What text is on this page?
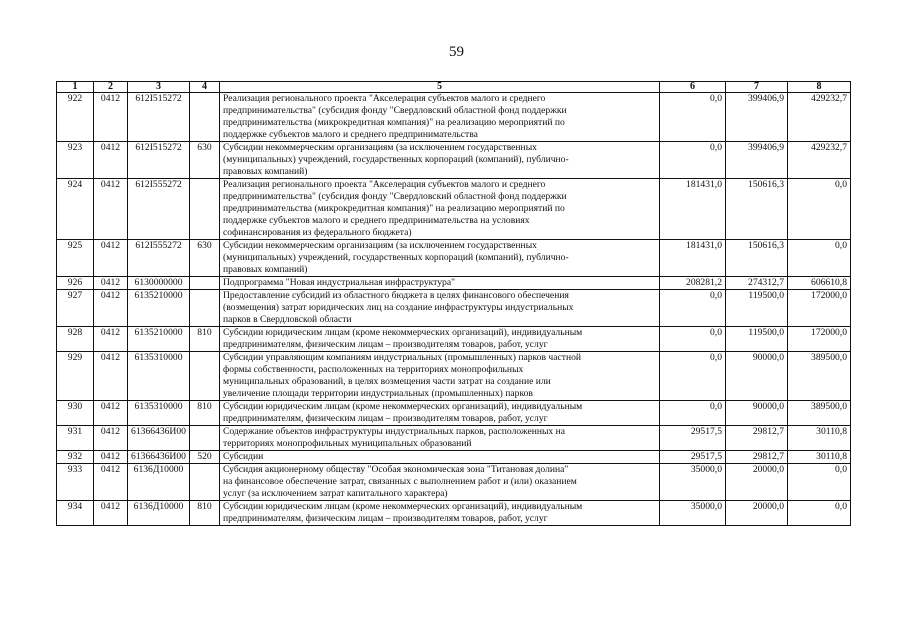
59
1	2	3	4	5	6	7	8
922	0412	612I515272		Реализация регионального проекта "Акселерация субъектов малого и среднего
предпринимательства" (субсидия фонду "Свердловский областной фонд поддержки
предпринимательства (микрокредитная компания)" на реализацию мероприятий по
поддержке субъектов малого и среднего предпринимательства	0,0	399406,9	429232,7
923	0412	612I515272	630	Субсидии некоммерческим организациям (за исключением государственных
(муниципальных) учреждений, государственных корпораций (компаний), публично-
правовых компаний)	0,0	399406,9	429232,7
924	0412	612I555272		Реализация регионального проекта "Акселерация субъектов малого и среднего
предпринимательства" (субсидия фонду "Свердловский областной фонд поддержки
предпринимательства (микрокредитная компания)" на реализацию мероприятий по
поддержке субъектов малого и среднего предпринимательства на условиях
софинансирования из федерального бюджета)	181431,0	150616,3	0,0
925	0412	612I555272	630	Субсидии некоммерческим организациям (за исключением государственных
(муниципальных) учреждений, государственных корпораций (компаний), публично-
правовых компаний)	181431,0	150616,3	0,0
926	0412	6130000000		Подпрограмма "Новая индустриальная инфраструктура"	208281,2	274312,7	606610,8
927	0412	6135210000		Предоставление субсидий из областного бюджета в целях финансового обеспечения
(возмещения) затрат юридических лиц на создание инфраструктуры индустриальных
парков в Свердловской области	0,0	119500,0	172000,0
928	0412	6135210000	810	Субсидии юридическим лицам (кроме некоммерческих организаций), индивидуальным
предпринимателям, физическим лицам – производителям товаров, работ, услуг	0,0	119500,0	172000,0
929	0412	6135310000		Субсидии управляющим компаниям индустриальных (промышленных) парков частной
формы собственности, расположенных на территориях монопрофильных
муниципальных образований, в целях возмещения части затрат на создание или
увеличение площади территории индустриальных (промышленных) парков	0,0	90000,0	389500,0
930	0412	6135310000	810	Субсидии юридическим лицам (кроме некоммерческих организаций), индивидуальным
предпринимателям, физическим лицам – производителям товаров, работ, услуг	0,0	90000,0	389500,0
931	0412	61366436И00		Содержание объектов инфраструктуры индустриальных парков, расположенных на
территориях монопрофильных муниципальных образований	29517,5	29812,7	30110,8
932	0412	61366436И00	520	Субсидии	29517,5	29812,7	30110,8
933	0412	6136Д10000		Субсидия акционерному обществу "Особая экономическая зона "Титановая долина"
на финансовое обеспечение затрат, связанных с выполнением работ и (или) оказанием
услуг (за исключением затрат капитального характера)	35000,0	20000,0	0,0
934	0412	6136Д10000	810	Субсидии юридическим лицам (кроме некоммерческих организаций), индивидуальным
предпринимателям, физическим лицам – производителям товаров, работ, услуг	35000,0	20000,0	0,0
